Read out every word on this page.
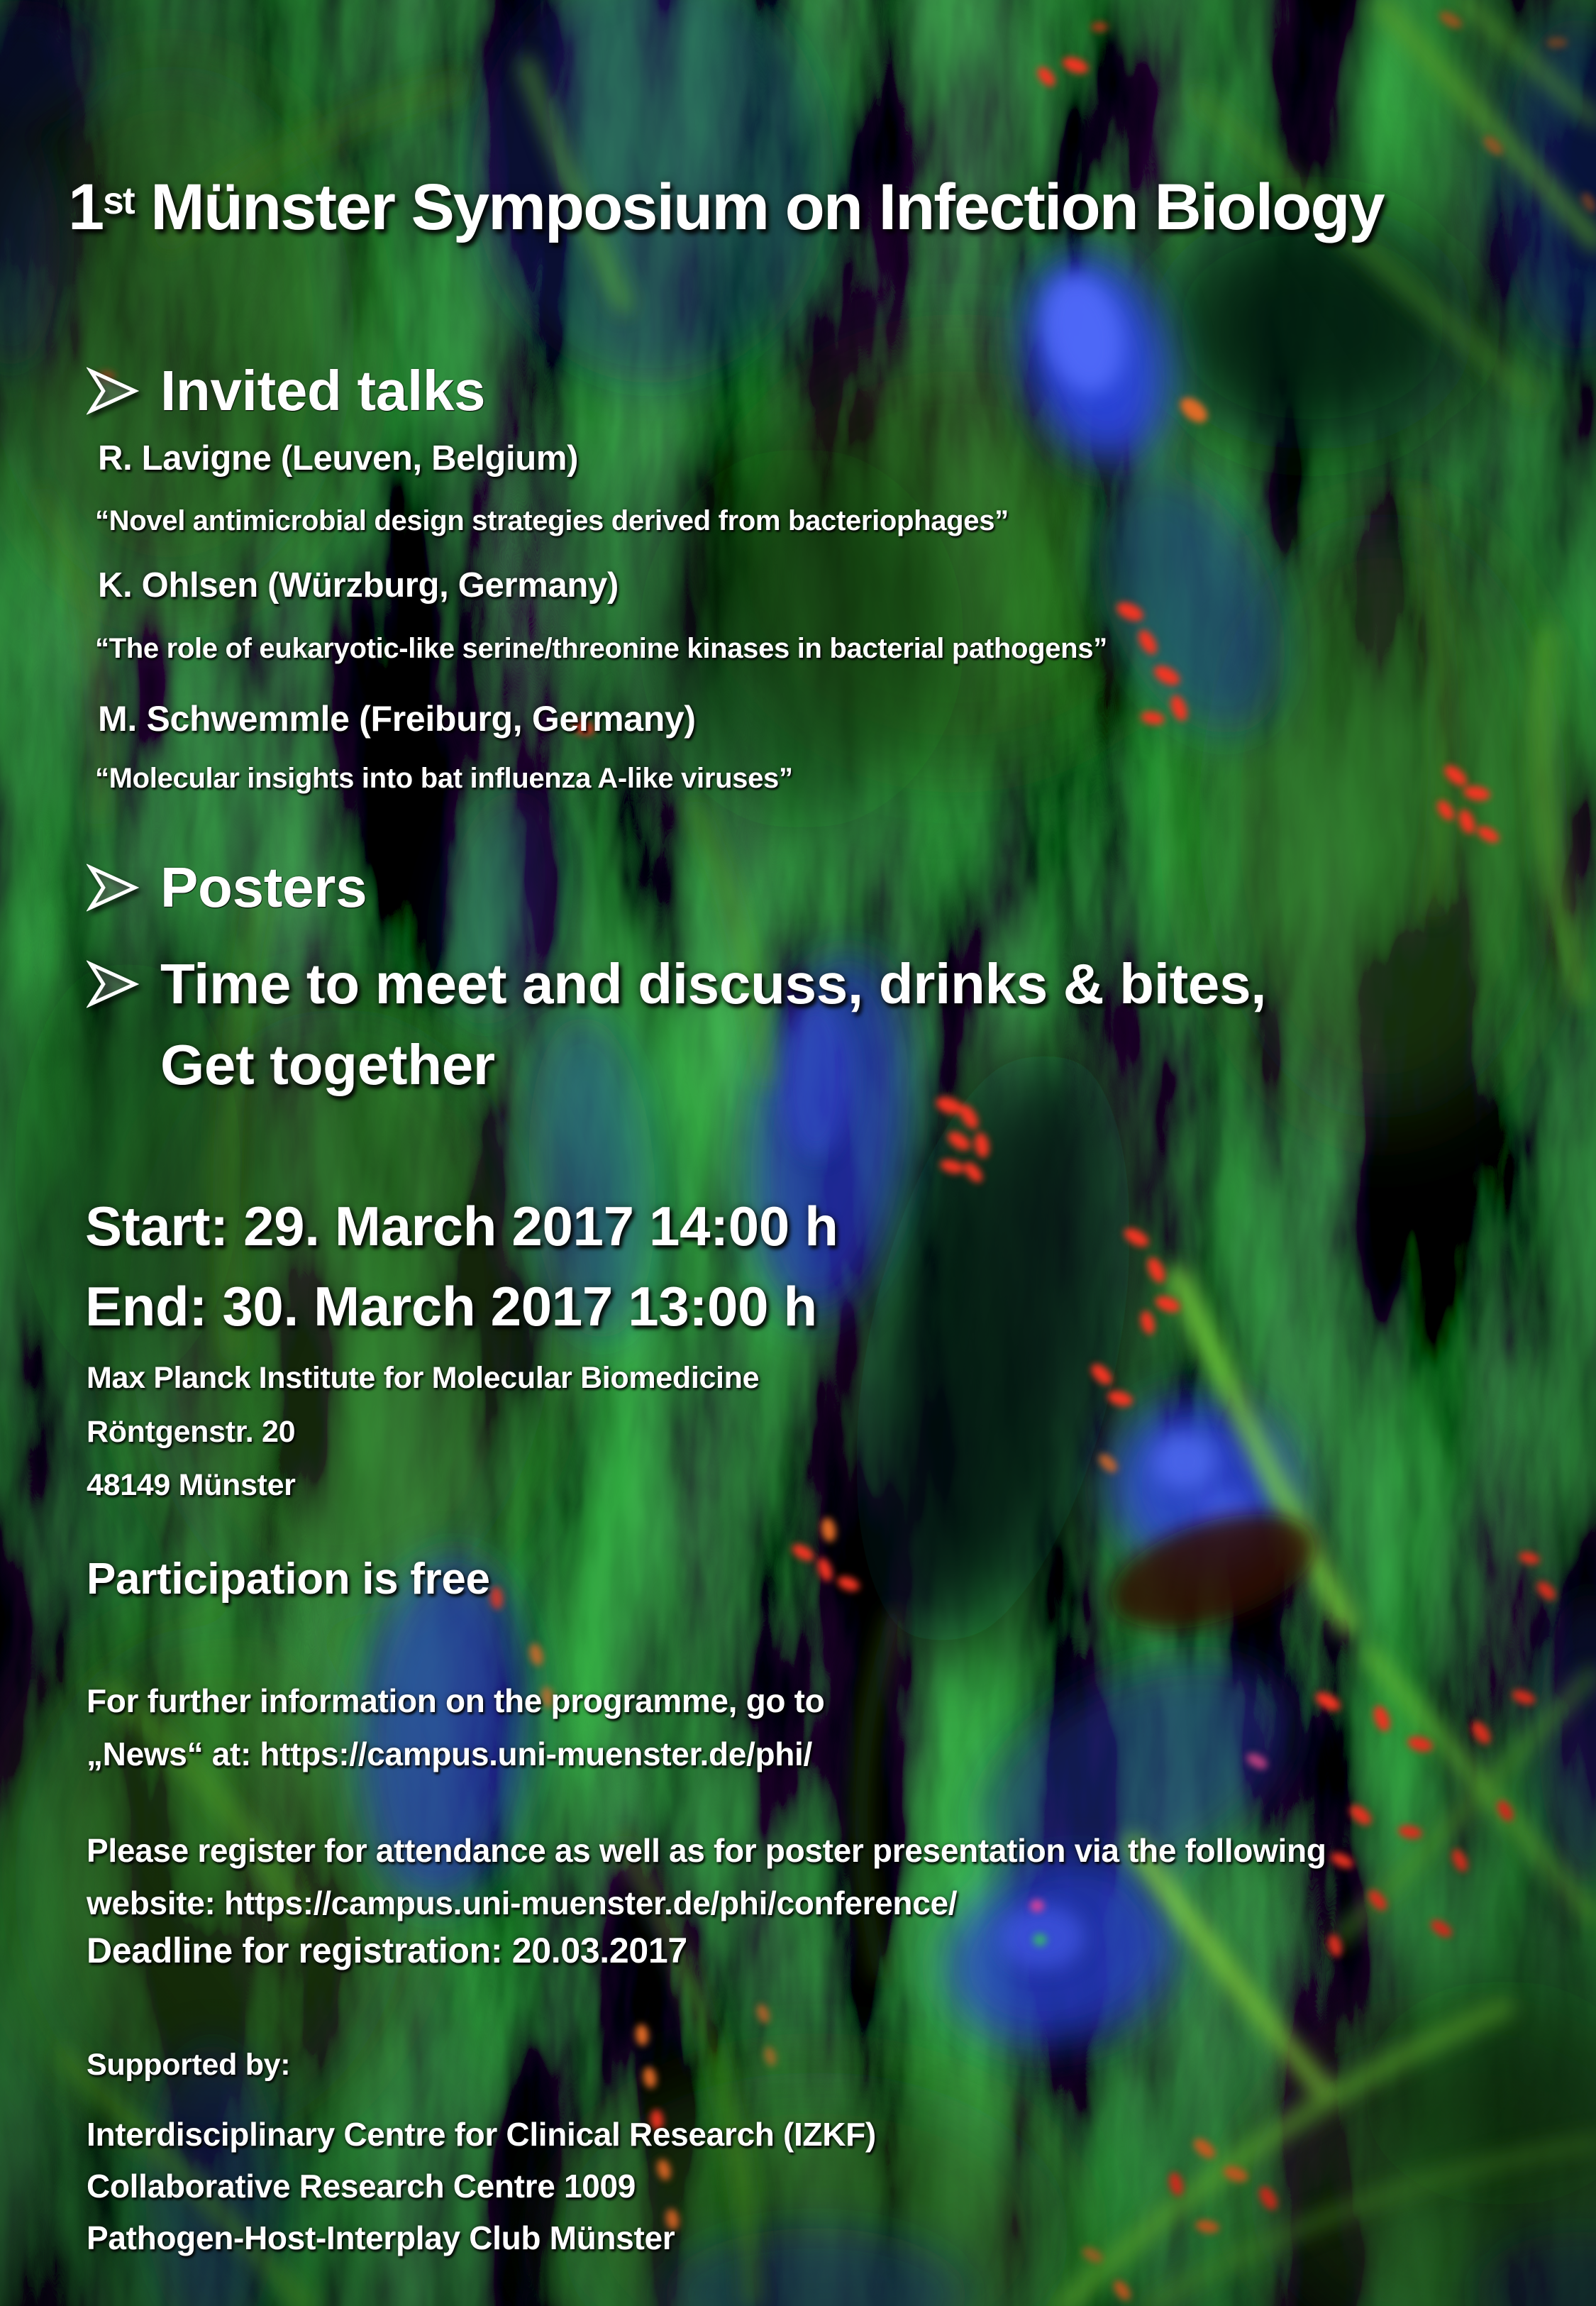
1st Münster Symposium on Infection Biology
Invited talks
R. Lavigne (Leuven, Belgium)
“Novel antimicrobial design strategies derived from bacteriophages”
K. Ohlsen (Würzburg, Germany)
“The role of eukaryotic-like serine/threonine kinases in bacterial pathogens”
M. Schwemmle (Freiburg, Germany)
“Molecular insights into bat influenza A-like viruses”
Posters
Time to meet and discuss, drinks & bites,
Get together
Start: 29. March 2017 14:00 h
End: 30. March 2017 13:00 h
Max Planck Institute for Molecular Biomedicine
Röntgenstr. 20
48149 Münster
Participation is free
For further information on the programme, go to
„News“ at: https://campus.uni-muenster.de/phi/
Please register for attendance as well as for poster presentation via the following
website: https://campus.uni-muenster.de/phi/conference/
Deadline for registration: 20.03.2017
Supported by:
Interdisciplinary Centre for Clinical Research (IZKF)
Collaborative Research Centre 1009
Pathogen-Host-Interplay Club Münster
